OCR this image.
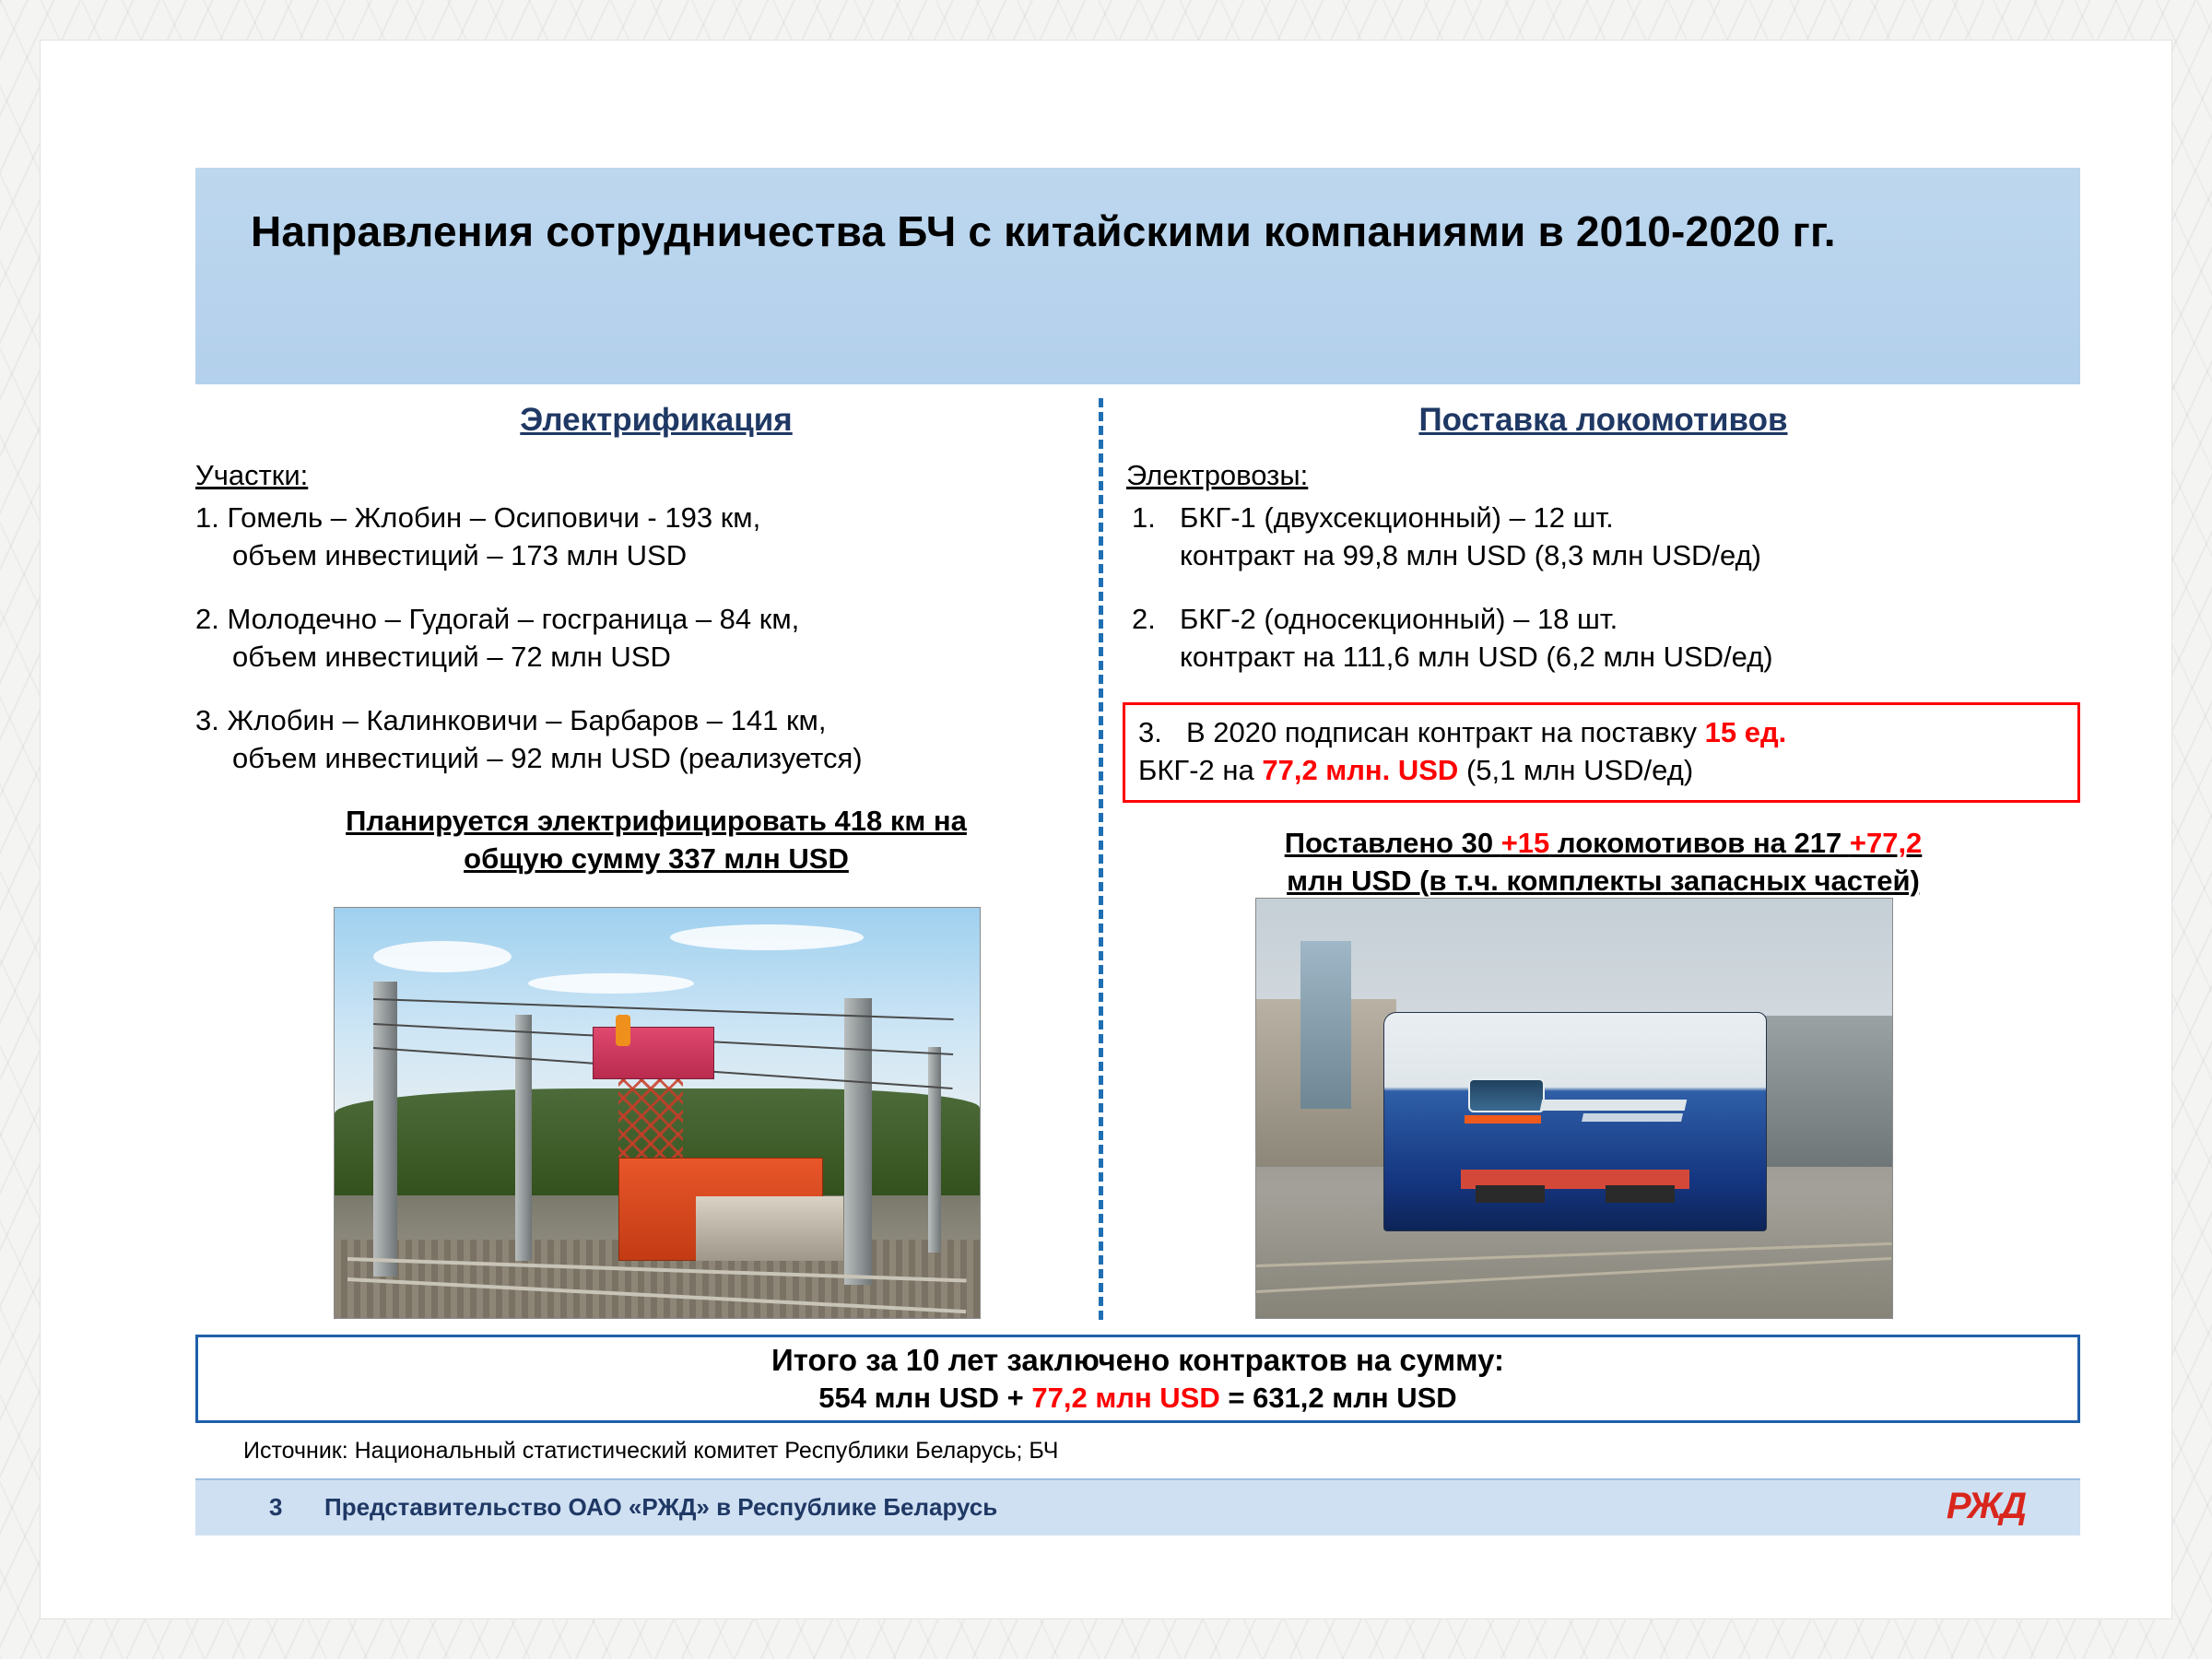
Направления сотрудничества БЧ с китайскими компаниями в 2010-2020 гг.
Электрификация
Участки:
1. Гомель – Жлобин – Осиповичи - 193 км,
объем инвестиций – 173 млн USD
2. Молодечно – Гудогай – госграница – 84 км,
объем инвестиций – 72 млн USD
3. Жлобин – Калинковичи – Барбаров – 141 км,
объем инвестиций – 92 млн USD (реализуется)
Планируется электрифицировать 418 км на
общую сумму 337 млн USD
Поставка локомотивов
Электровозы:
1. БКГ-1 (двухсекционный) – 12 шт.
контракт на 99,8 млн USD (8,3 млн USD/ед)
2. БКГ-2 (односекционный) – 18 шт.
контракт на 111,6 млн USD (6,2 млн USD/ед)
3. В 2020 подписан контракт на поставку 15 ед.
БКГ-2 на 77,2 млн. USD (5,1 млн USD/ед)
Поставлено 30 +15 локомотивов на 217 +77,2
млн USD (в т.ч. комплекты запасных частей)
Итого за 10 лет заключено контрактов на сумму:
554 млн USD + 77,2 млн USD = 631,2 млн USD
Источник: Национальный статистический комитет Республики Беларусь; БЧ
3 Представительство ОАО «РЖД» в Республике Беларусь	РЖД
